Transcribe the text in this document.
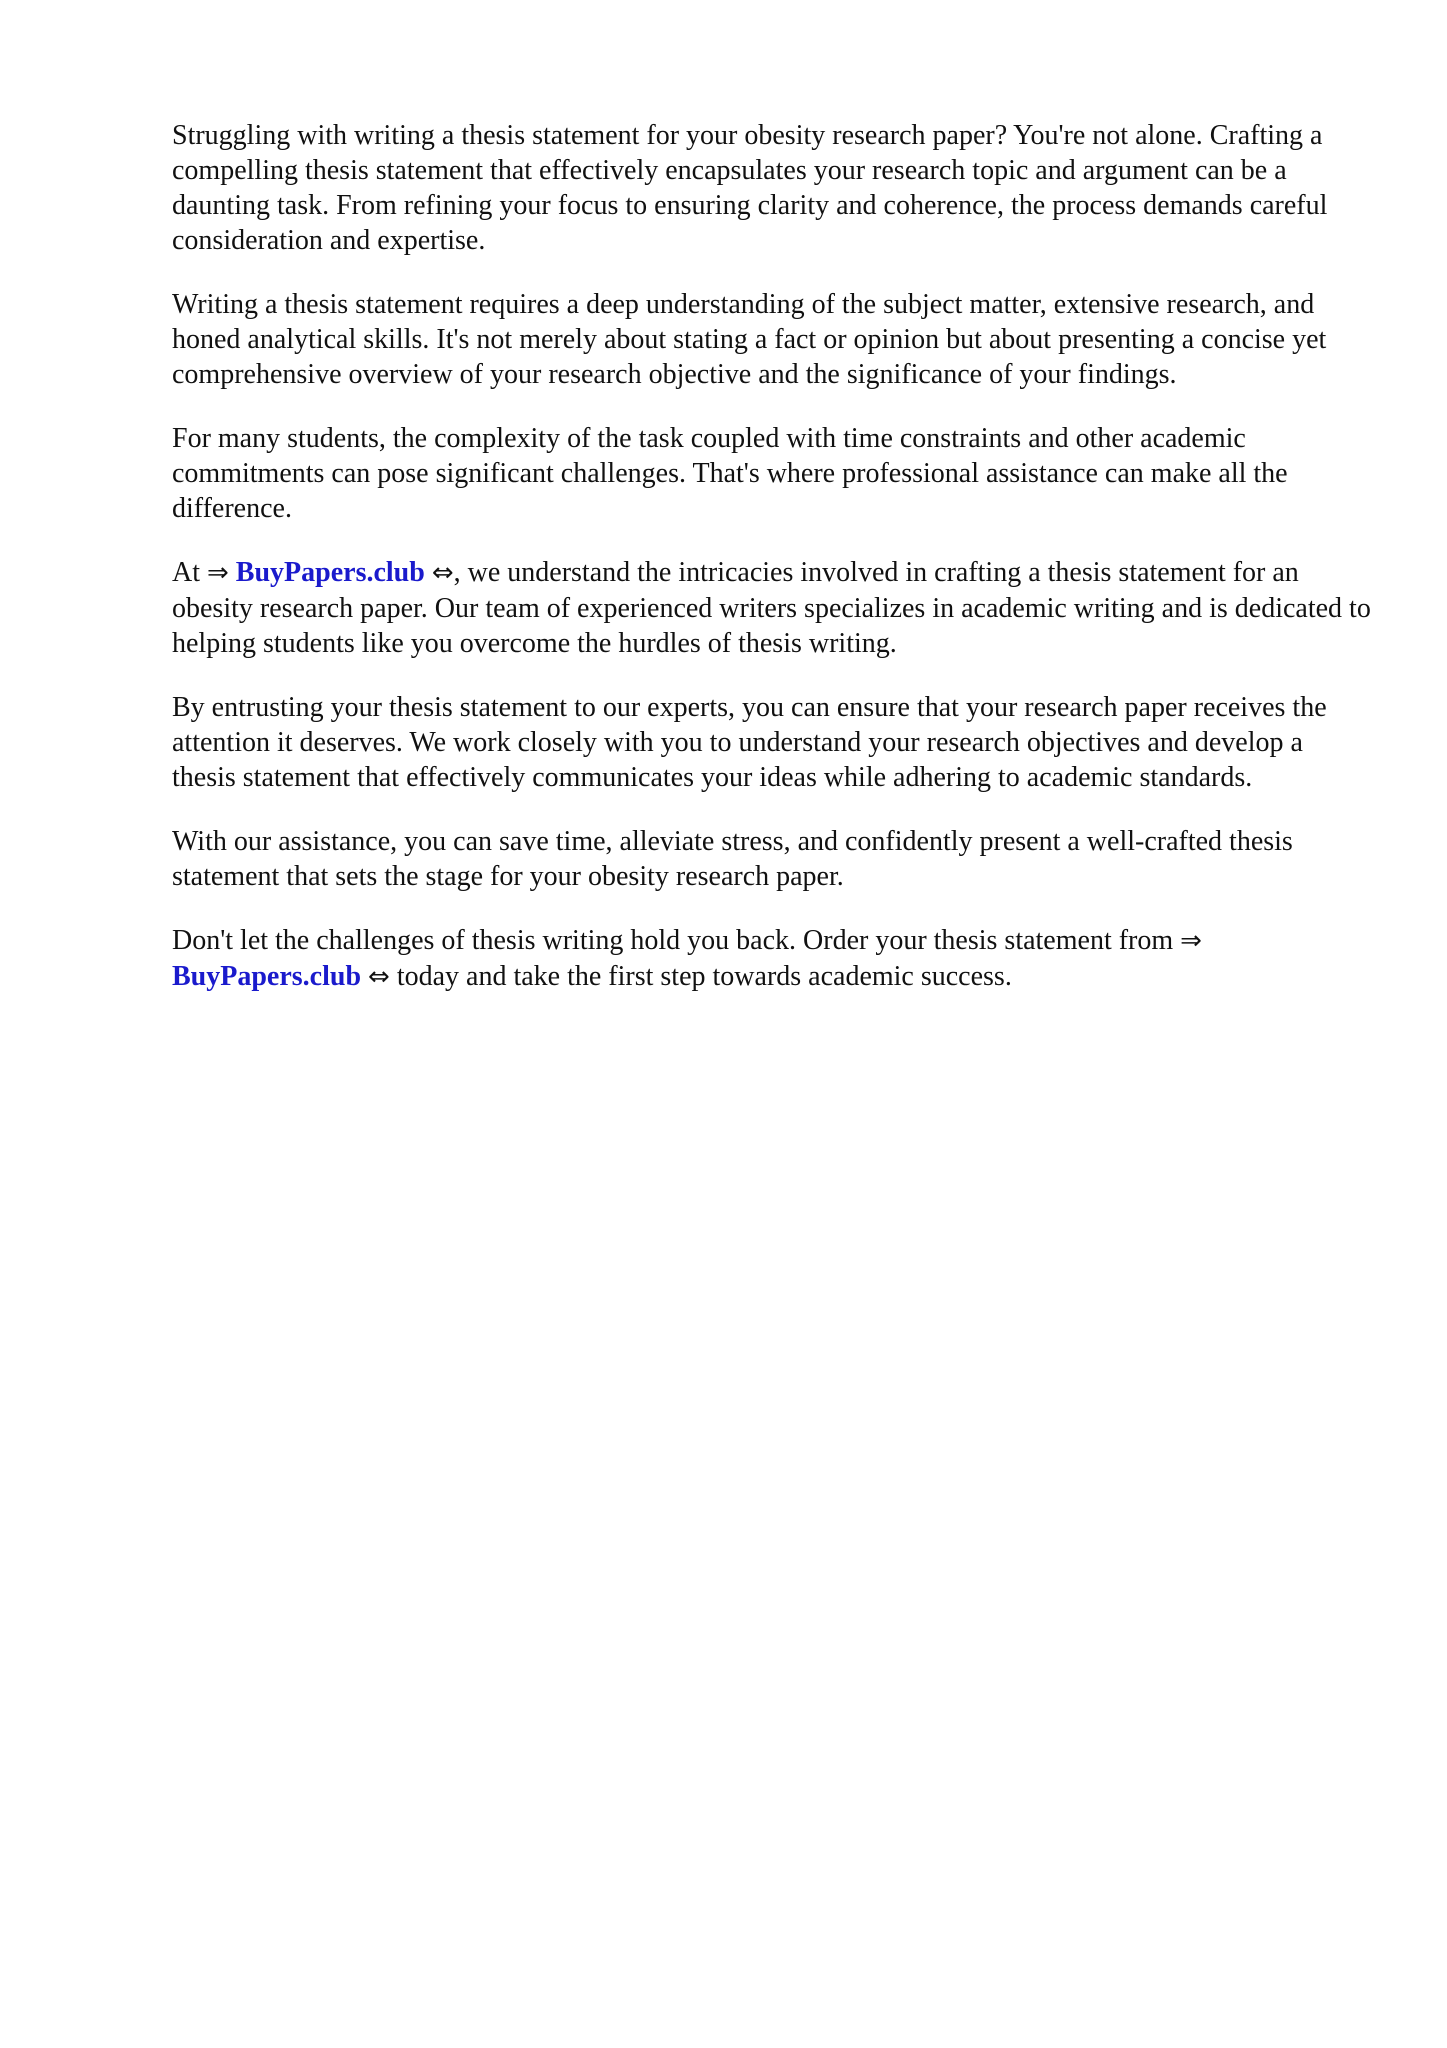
Struggling with writing a thesis statement for your obesity research paper? You're not alone. Crafting a compelling thesis statement that effectively encapsulates your research topic and argument can be a daunting task. From refining your focus to ensuring clarity and coherence, the process demands careful consideration and expertise.

Writing a thesis statement requires a deep understanding of the subject matter, extensive research, and honed analytical skills. It's not merely about stating a fact or opinion but about presenting a concise yet comprehensive overview of your research objective and the significance of your findings.

For many students, the complexity of the task coupled with time constraints and other academic commitments can pose significant challenges. That's where professional assistance can make all the difference.

At ⇒ BuyPapers.club ⇔, we understand the intricacies involved in crafting a thesis statement for an obesity research paper. Our team of experienced writers specializes in academic writing and is dedicated to helping students like you overcome the hurdles of thesis writing.

By entrusting your thesis statement to our experts, you can ensure that your research paper receives the attention it deserves. We work closely with you to understand your research objectives and develop a thesis statement that effectively communicates your ideas while adhering to academic standards.

With our assistance, you can save time, alleviate stress, and confidently present a well-crafted thesis statement that sets the stage for your obesity research paper.

Don't let the challenges of thesis writing hold you back. Order your thesis statement from ⇒ BuyPapers.club ⇔ today and take the first step towards academic success.
